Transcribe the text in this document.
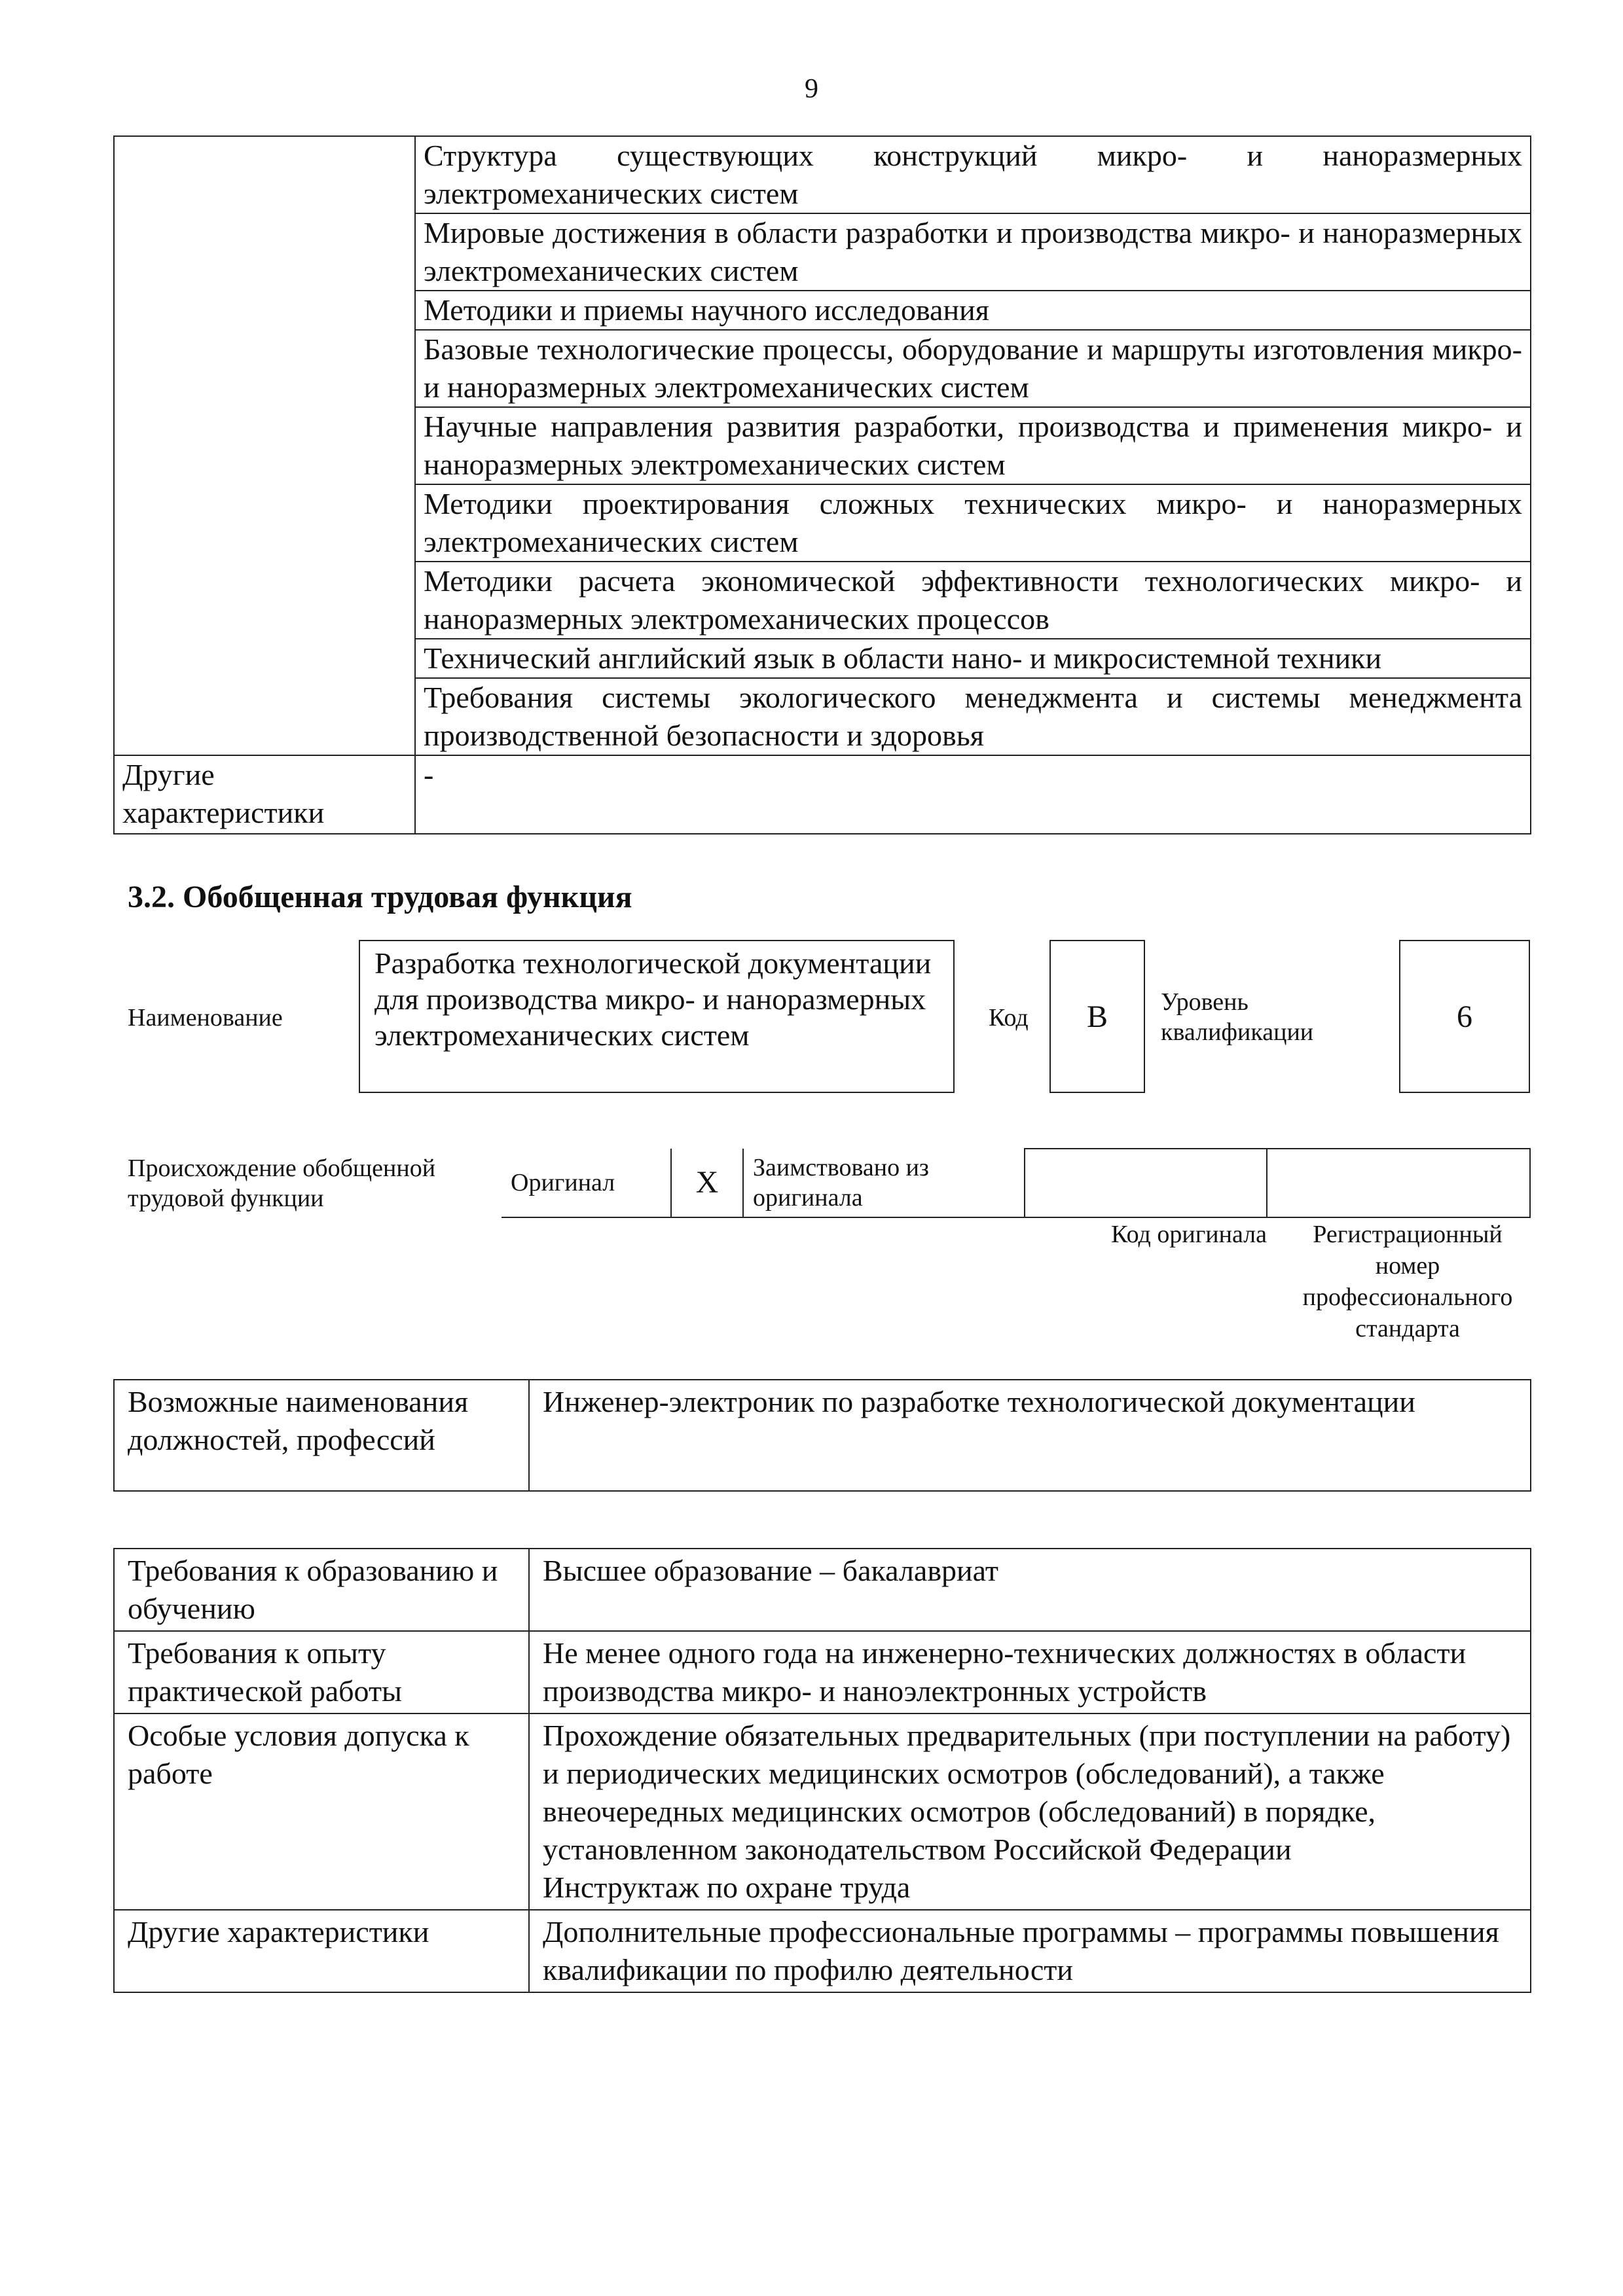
9
	Структура существующих конструкций микро- и наноразмерных электромеханических систем
	Мировые достижения в области разработки и производства микро- и наноразмерных электромеханических систем
	Методики и приемы научного исследования
	Базовые технологические процессы, оборудование и маршруты изготовления микро- и наноразмерных электромеханических систем
	Научные направления развития разработки, производства и применения микро- и наноразмерных электромеханических систем
	Методики проектирования сложных технических микро- и наноразмерных электромеханических систем
	Методики расчета экономической эффективности технологических микро- и наноразмерных электромеханических процессов
	Технический английский язык в области нано- и микросистемной техники
	Требования системы экологического менеджмента и системы менеджмента производственной безопасности и здоровья
Другие характеристики	-
3.2. Обобщенная трудовая функция
Наименование
Разработка технологической документации для производства микро- и наноразмерных электромеханических систем
Код	B	Уровень квалификации	6
Происхождение обобщенной трудовой функции
Оригинал	X	Заимствовано из оригинала		
Код оригинала	Регистрационный номер профессионального стандарта
Возможные наименования должностей, профессий	Инженер-электроник по разработке технологической документации
Требования к образованию и обучению	Высшее образование – бакалавриат
Требования к опыту практической работы	Не менее одного года на инженерно-технических должностях в области производства микро- и наноэлектронных устройств
Особые условия допуска к работе	Прохождение обязательных предварительных (при поступлении на работу) и периодических медицинских осмотров (обследований), а также внеочередных медицинских осмотров (обследований) в порядке, установленном законодательством Российской Федерации
Инструктаж по охране труда

Другие характеристики	Дополнительные профессиональные программы – программы повышения квалификации по профилю деятельности
